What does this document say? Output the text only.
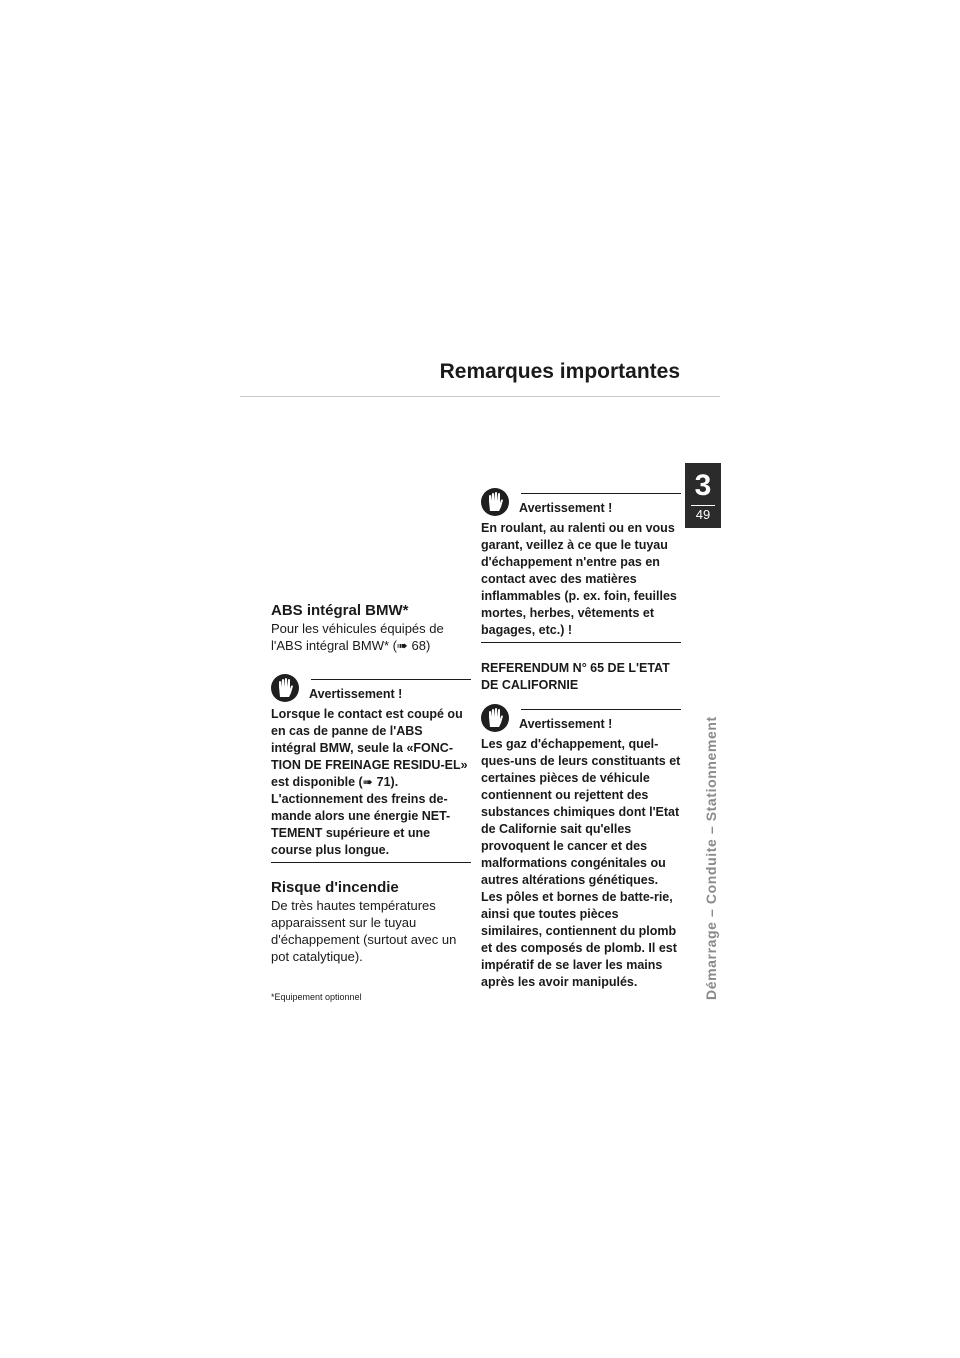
Remarques importantes
3
49
Démarrage – Conduite – Stationnement
ABS intégral BMW*

Pour les véhicules équipés de l'ABS intégral BMW* (➠ 68)

Avertissement !

Lorsque le contact est coupé ou en cas de panne de l'ABS intégral BMW, seule la «FONC-TION DE FREINAGE RESIDU-EL» est disponible (➠ 71). L'actionnement des freins de-mande alors une énergie NET-TEMENT supérieure et une course plus longue.

Risque d'incendie

De très hautes températures apparaissent sur le tuyau d'échappement (surtout avec un pot catalytique).

*Equipement optionnel

Avertissement !

En roulant, au ralenti ou en vous garant, veillez à ce que le tuyau d'échappement n'entre pas en contact avec des matières inflammables (p. ex. foin, feuilles mortes, herbes, vêtements et bagages, etc.) !

REFERENDUM N° 65 DE L'ETAT DE CALIFORNIE

Avertissement !

Les gaz d'échappement, quel-ques-uns de leurs constituants et certaines pièces de véhicule contiennent ou rejettent des substances chimiques dont l'Etat de Californie sait qu'elles provoquent le cancer et des malformations congénitales ou autres altérations génétiques. Les pôles et bornes de batte-rie, ainsi que toutes pièces similaires, contiennent du plomb et des composés de plomb. Il est impératif de se laver les mains après les avoir manipulés.
